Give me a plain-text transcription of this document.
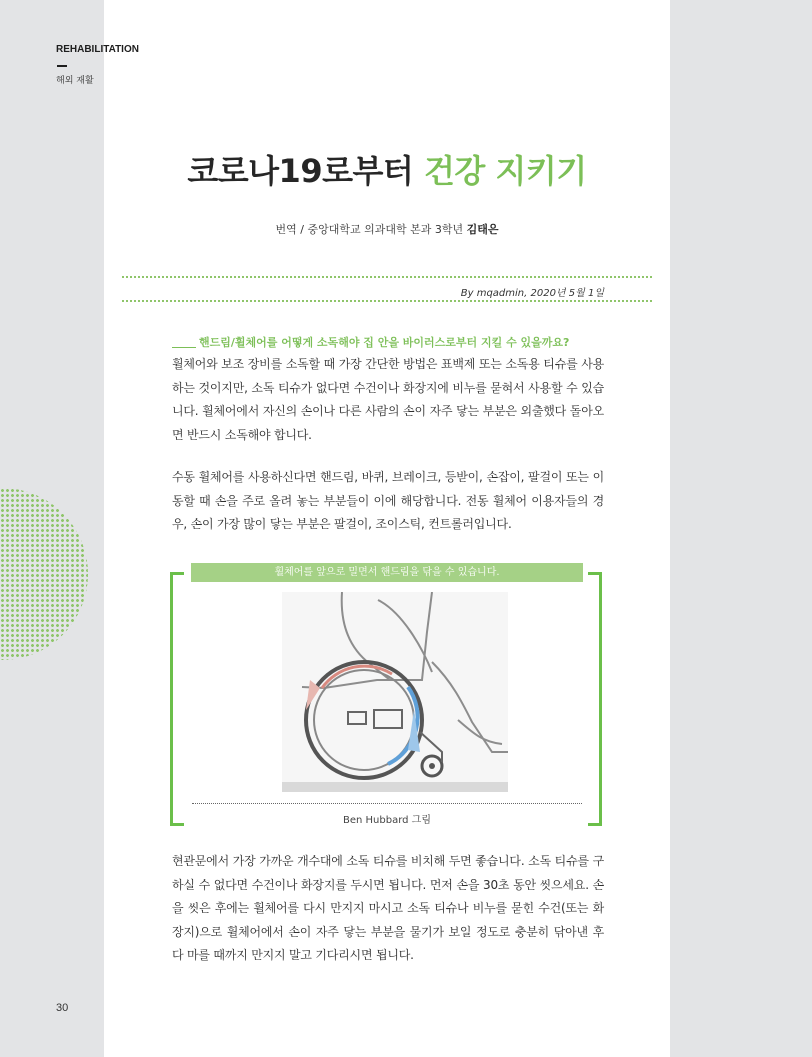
REHABILITATION
해외 재활
코로나19로부터 건강 지키기
번역 / 중앙대학교 의과대학 본과 3학년 김태은
By mqadmin, 2020년 5월 1일
핸드림/휠체어를 어떻게 소독해야 집 안을 바이러스로부터 지킬 수 있을까요?

휠체어와 보조 장비를 소독할 때 가장 간단한 방법은 표백제 또는 소독용 티슈를 사용하는 것이지만, 소독 티슈가 없다면 수건이나 화장지에 비누를 묻혀서 사용할 수 있습니다. 휠체어에서 자신의 손이나 다른 사람의 손이 자주 닿는 부분은 외출했다 돌아오면 반드시 소독해야 합니다.

수동 휠체어를 사용하신다면 핸드림, 바퀴, 브레이크, 등받이, 손잡이, 팔걸이 또는 이동할 때 손을 주로 올려 놓는 부분들이 이에 해당합니다. 전동 휠체어 이용자들의 경우, 손이 가장 많이 닿는 부분은 팔걸이, 조이스틱, 컨트롤러입니다.

휠체어를 앞으로 밀면서 핸드림을 닦을 수 있습니다.
Ben Hubbard 그림

현관문에서 가장 가까운 개수대에 소독 티슈를 비치해 두면 좋습니다. 소독 티슈를 구하실 수 없다면 수건이나 화장지를 두시면 됩니다. 먼저 손을 30초 동안 씻으세요. 손을 씻은 후에는 휠체어를 다시 만지지 마시고 소독 티슈나 비누를 묻힌 수건(또는 화장지)으로 휠체어에서 손이 자주 닿는 부분을 물기가 보일 정도로 충분히 닦아낸 후 다 마를 때까지 만지지 말고 기다리시면 됩니다.

30
